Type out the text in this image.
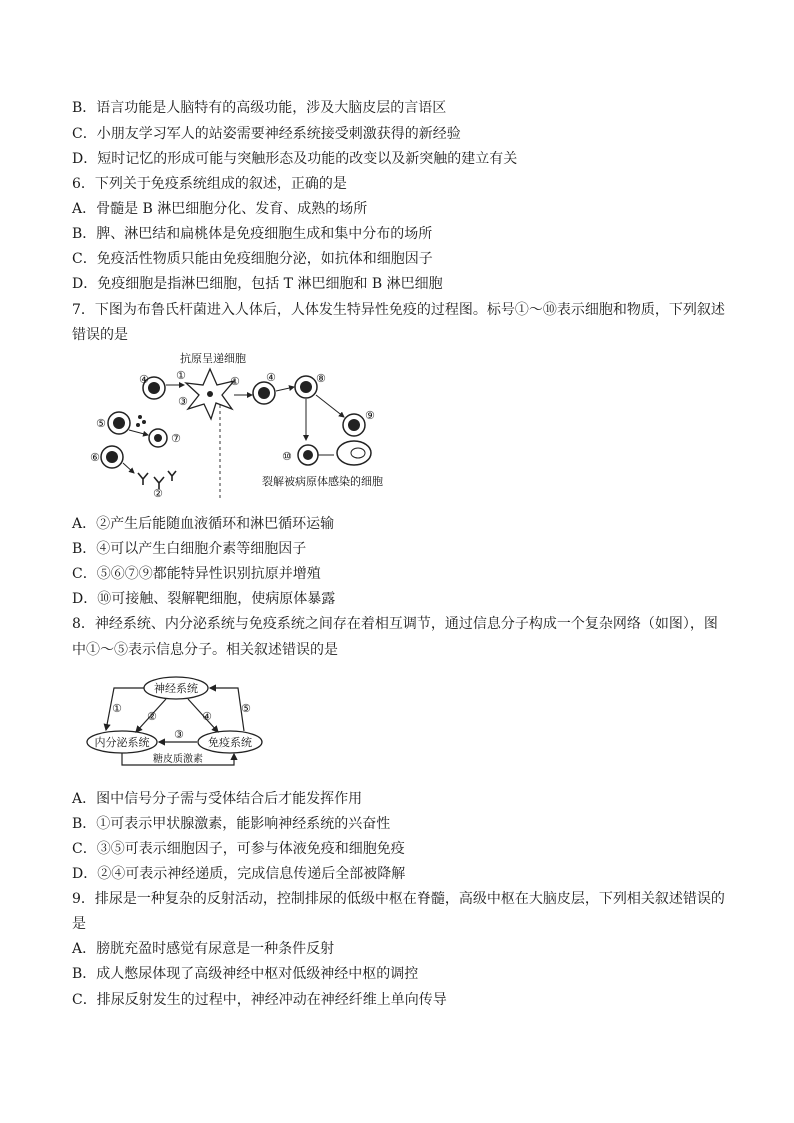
B．语言功能是人脑特有的高级功能，涉及大脑皮层的言语区
C．小朋友学习军人的站姿需要神经系统接受刺激获得的新经验
D．短时记忆的形成可能与突触形态及功能的改变以及新突触的建立有关
6．下列关于免疫系统组成的叙述，正确的是
A．骨髓是 B 淋巴细胞分化、发育、成熟的场所
B．脾、淋巴结和扁桃体是免疫细胞生成和集中分布的场所
C．免疫活性物质只能由免疫细胞分泌，如抗体和细胞因子
D．免疫细胞是指淋巴细胞，包括 T 淋巴细胞和 B 淋巴细胞
7．下图为布鲁氏杆菌进入人体后，人体发生特异性免疫的过程图。标号①～⑩表示细胞和物质，下列叙述
错误的是
抗原呈递细胞
④ ①
③
⑤
⑦
⑥
②
① ④	⑧
⑨
⑩
裂解被病原体感染的细胞
A．②产生后能随血液循环和淋巴循环运输
B．④可以产生白细胞介素等细胞因子
C．⑤⑥⑦⑨都能特异性识别抗原并增殖
D．⑩可接触、裂解靶细胞，使病原体暴露
8．神经系统、内分泌系统与免疫系统之间存在着相互调节，通过信息分子构成一个复杂网络（如图），图
中①～⑤表示信息分子。相关叙述错误的是
神经系统
内分泌系统	免疫系统
①
②	④
⑤
③
糖皮质激素
A．图中信号分子需与受体结合后才能发挥作用
B．①可表示甲状腺激素，能影响神经系统的兴奋性
C．③⑤可表示细胞因子，可参与体液免疫和细胞免疫
D．②④可表示神经递质，完成信息传递后全部被降解
9．排尿是一种复杂的反射活动，控制排尿的低级中枢在脊髓，高级中枢在大脑皮层，下列相关叙述错误的
是
A．膀胱充盈时感觉有尿意是一种条件反射
B．成人憋尿体现了高级神经中枢对低级神经中枢的调控
C．排尿反射发生的过程中，神经冲动在神经纤维上单向传导
